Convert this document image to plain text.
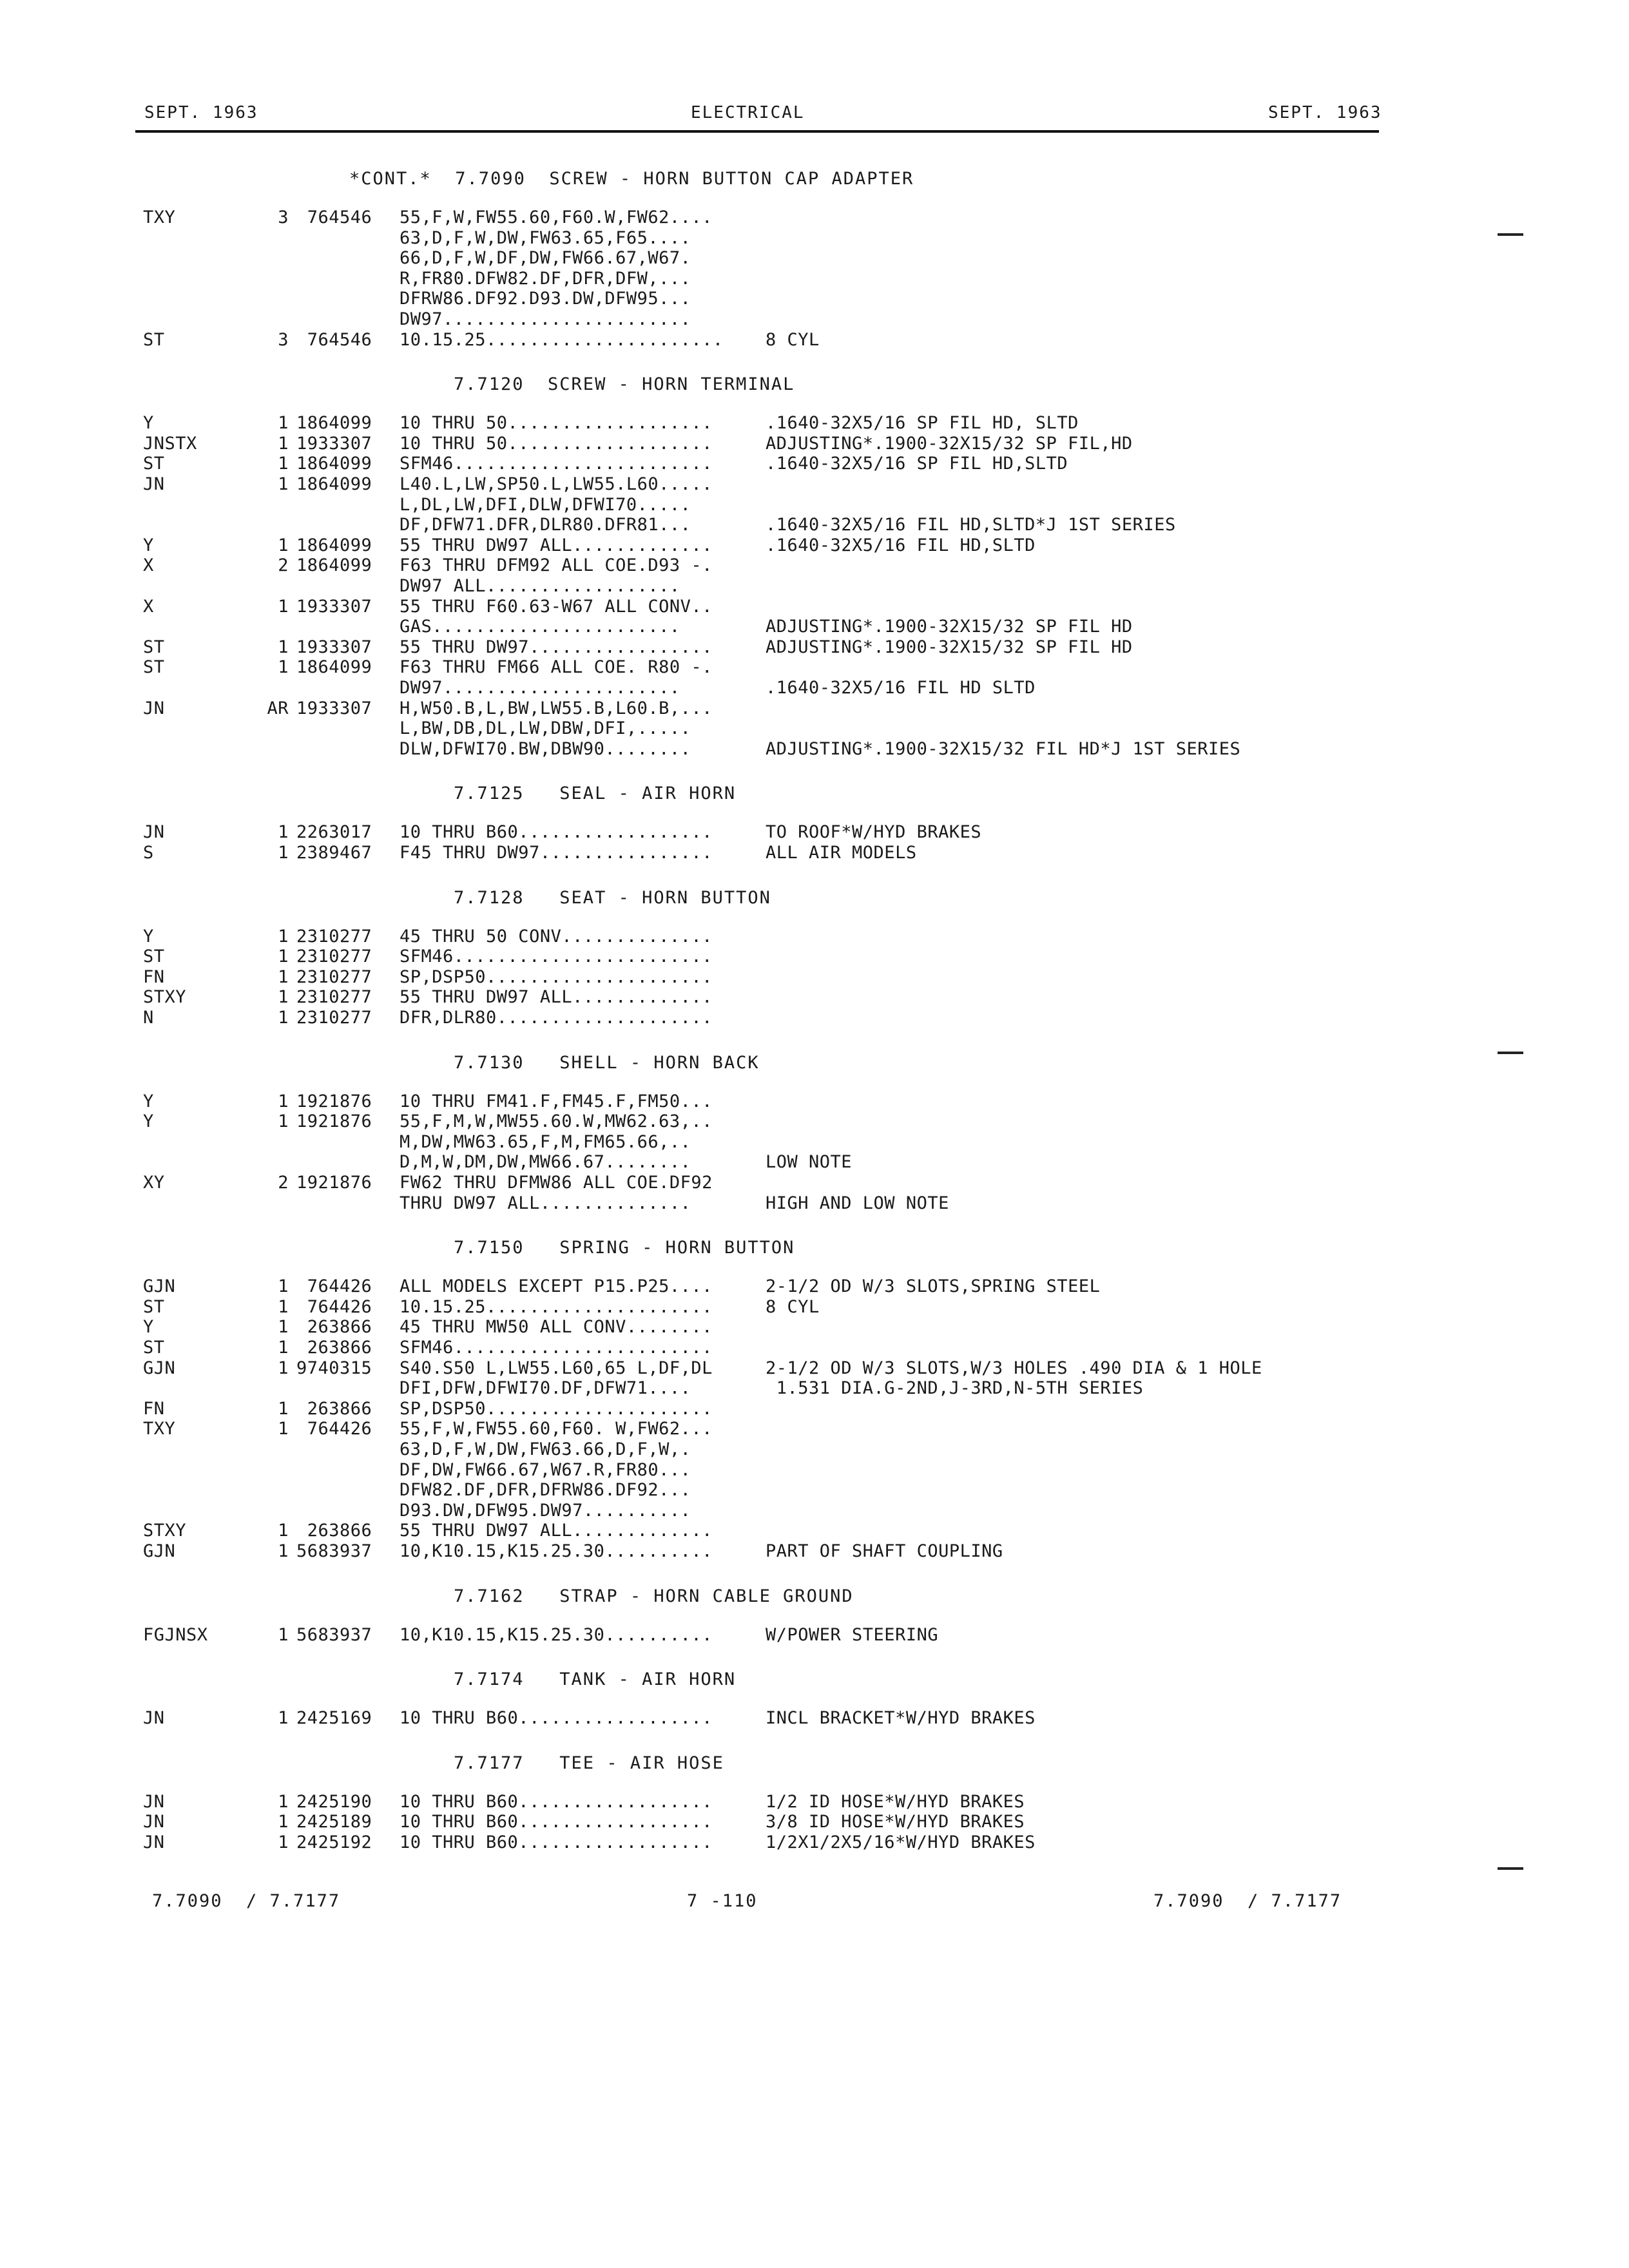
SEPT. 1963	ELECTRICAL	SEPT. 1963
*CONT.*  7.7090  SCREW - HORN BUTTON CAP ADAPTER
TXY	3 764546 55,F,W,FW55.60,F60.W,FW62....
63,D,F,W,DW,FW63.65,F65....
66,D,F,W,DF,DW,FW66.67,W67.
R,FR80.DFW82.DF,DFR,DFW,...
DFRW86.DF92.D93.DW,DFW95...
DW97.......................
ST	3 764546 10.15.25...................... 8 CYL
7.7120  SCREW - HORN TERMINAL
Y	1 1864099 10 THRU 50...................	.1640-32X5/16 SP FIL HD, SLTD
JNSTX	1 1933307 10 THRU 50...................	ADJUSTING*.1900-32X15/32 SP FIL,HD
ST	1 1864099 SFM46........................	.1640-32X5/16 SP FIL HD,SLTD
JN	1 1864099 L40.L,LW,SP50.L,LW55.L60.....
L,DL,LW,DFI,DLW,DFWI70.....
DF,DFW71.DFR,DLR80.DFR81...	.1640-32X5/16 FIL HD,SLTD*J 1ST SERIES
Y	1 1864099 55 THRU DW97 ALL.............	.1640-32X5/16 FIL HD,SLTD
X	2 1864099 F63 THRU DFM92 ALL COE.D93 -.
DW97 ALL..................
X	1 1933307 55 THRU F60.63-W67 ALL CONV..
GAS.......................	ADJUSTING*.1900-32X15/32 SP FIL HD
ST	1 1933307 55 THRU DW97.................	ADJUSTING*.1900-32X15/32 SP FIL HD
ST	1 1864099 F63 THRU FM66 ALL COE. R80 -.
DW97......................	.1640-32X5/16 FIL HD SLTD
JN	AR 1933307 H,W50.B,L,BW,LW55.B,L60.B,...
L,BW,DB,DL,LW,DBW,DFI,.....
DLW,DFWI70.BW,DBW90........	ADJUSTING*.1900-32X15/32 FIL HD*J 1ST SERIES
7.7125   SEAL - AIR HORN
JN	1 2263017 10 THRU B60..................	TO ROOF*W/HYD BRAKES
S	1 2389467 F45 THRU DW97................	ALL AIR MODELS
7.7128   SEAT - HORN BUTTON
Y	1 2310277 45 THRU 50 CONV..............
ST	1 2310277 SFM46........................
FN	1 2310277 SP,DSP50.....................
STXY	1 2310277 55 THRU DW97 ALL.............
N	1 2310277 DFR,DLR80....................
7.7130   SHELL - HORN BACK
Y	1 1921876 10 THRU FM41.F,FM45.F,FM50...
Y	1 1921876 55,F,M,W,MW55.60.W,MW62.63,..
M,DW,MW63.65,F,M,FM65.66,..
D,M,W,DM,DW,MW66.67........	LOW NOTE
XY	2 1921876 FW62 THRU DFMW86 ALL COE.DF92
THRU DW97 ALL..............	HIGH AND LOW NOTE
7.7150   SPRING - HORN BUTTON
GJN	1 764426 ALL MODELS EXCEPT P15.P25....	2-1/2 OD W/3 SLOTS,SPRING STEEL
ST	1 764426 10.15.25.....................	8 CYL
Y	1 263866 45 THRU MW50 ALL CONV........
ST	1 263866 SFM46........................
GJN	1 9740315 S40.S50 L,LW55.L60,65 L,DF,DL	2-1/2 OD W/3 SLOTS,W/3 HOLES .490 DIA & 1 HOLE
DFI,DFW,DFWI70.DF,DFW71....	1.531 DIA.G-2ND,J-3RD,N-5TH SERIES
FN	1 263866 SP,DSP50.....................
TXY	1 764426 55,F,W,FW55.60,F60. W,FW62...
63,D,F,W,DW,FW63.66,D,F,W,.
DF,DW,FW66.67,W67.R,FR80...
DFW82.DF,DFR,DFRW86.DF92...
D93.DW,DFW95.DW97..........
STXY	1 263866 55 THRU DW97 ALL.............
GJN	1 5683937 10,K10.15,K15.25.30..........	PART OF SHAFT COUPLING
7.7162   STRAP - HORN CABLE GROUND
FGJNSX	1 5683937 10,K10.15,K15.25.30..........	W/POWER STEERING
7.7174   TANK - AIR HORN
JN	1 2425169 10 THRU B60..................	INCL BRACKET*W/HYD BRAKES
7.7177   TEE - AIR HOSE
JN	1 2425190 10 THRU B60..................	1/2 ID HOSE*W/HYD BRAKES
JN	1 2425189 10 THRU B60..................	3/8 ID HOSE*W/HYD BRAKES
JN	1 2425192 10 THRU B60..................	1/2X1/2X5/16*W/HYD BRAKES
7.7090  / 7.7177	7 -110	7.7090  / 7.7177
